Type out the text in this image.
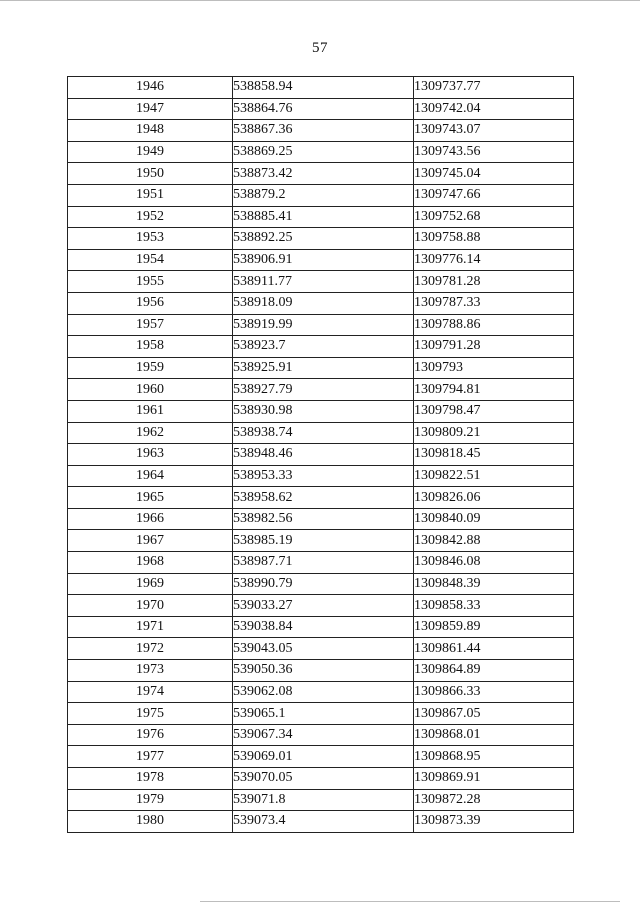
57
1946	538858.94	1309737.77
1947	538864.76	1309742.04
1948	538867.36	1309743.07
1949	538869.25	1309743.56
1950	538873.42	1309745.04
1951	538879.2	1309747.66
1952	538885.41	1309752.68
1953	538892.25	1309758.88
1954	538906.91	1309776.14
1955	538911.77	1309781.28
1956	538918.09	1309787.33
1957	538919.99	1309788.86
1958	538923.7	1309791.28
1959	538925.91	1309793
1960	538927.79	1309794.81
1961	538930.98	1309798.47
1962	538938.74	1309809.21
1963	538948.46	1309818.45
1964	538953.33	1309822.51
1965	538958.62	1309826.06
1966	538982.56	1309840.09
1967	538985.19	1309842.88
1968	538987.71	1309846.08
1969	538990.79	1309848.39
1970	539033.27	1309858.33
1971	539038.84	1309859.89
1972	539043.05	1309861.44
1973	539050.36	1309864.89
1974	539062.08	1309866.33
1975	539065.1	1309867.05
1976	539067.34	1309868.01
1977	539069.01	1309868.95
1978	539070.05	1309869.91
1979	539071.8	1309872.28
1980	539073.4	1309873.39
